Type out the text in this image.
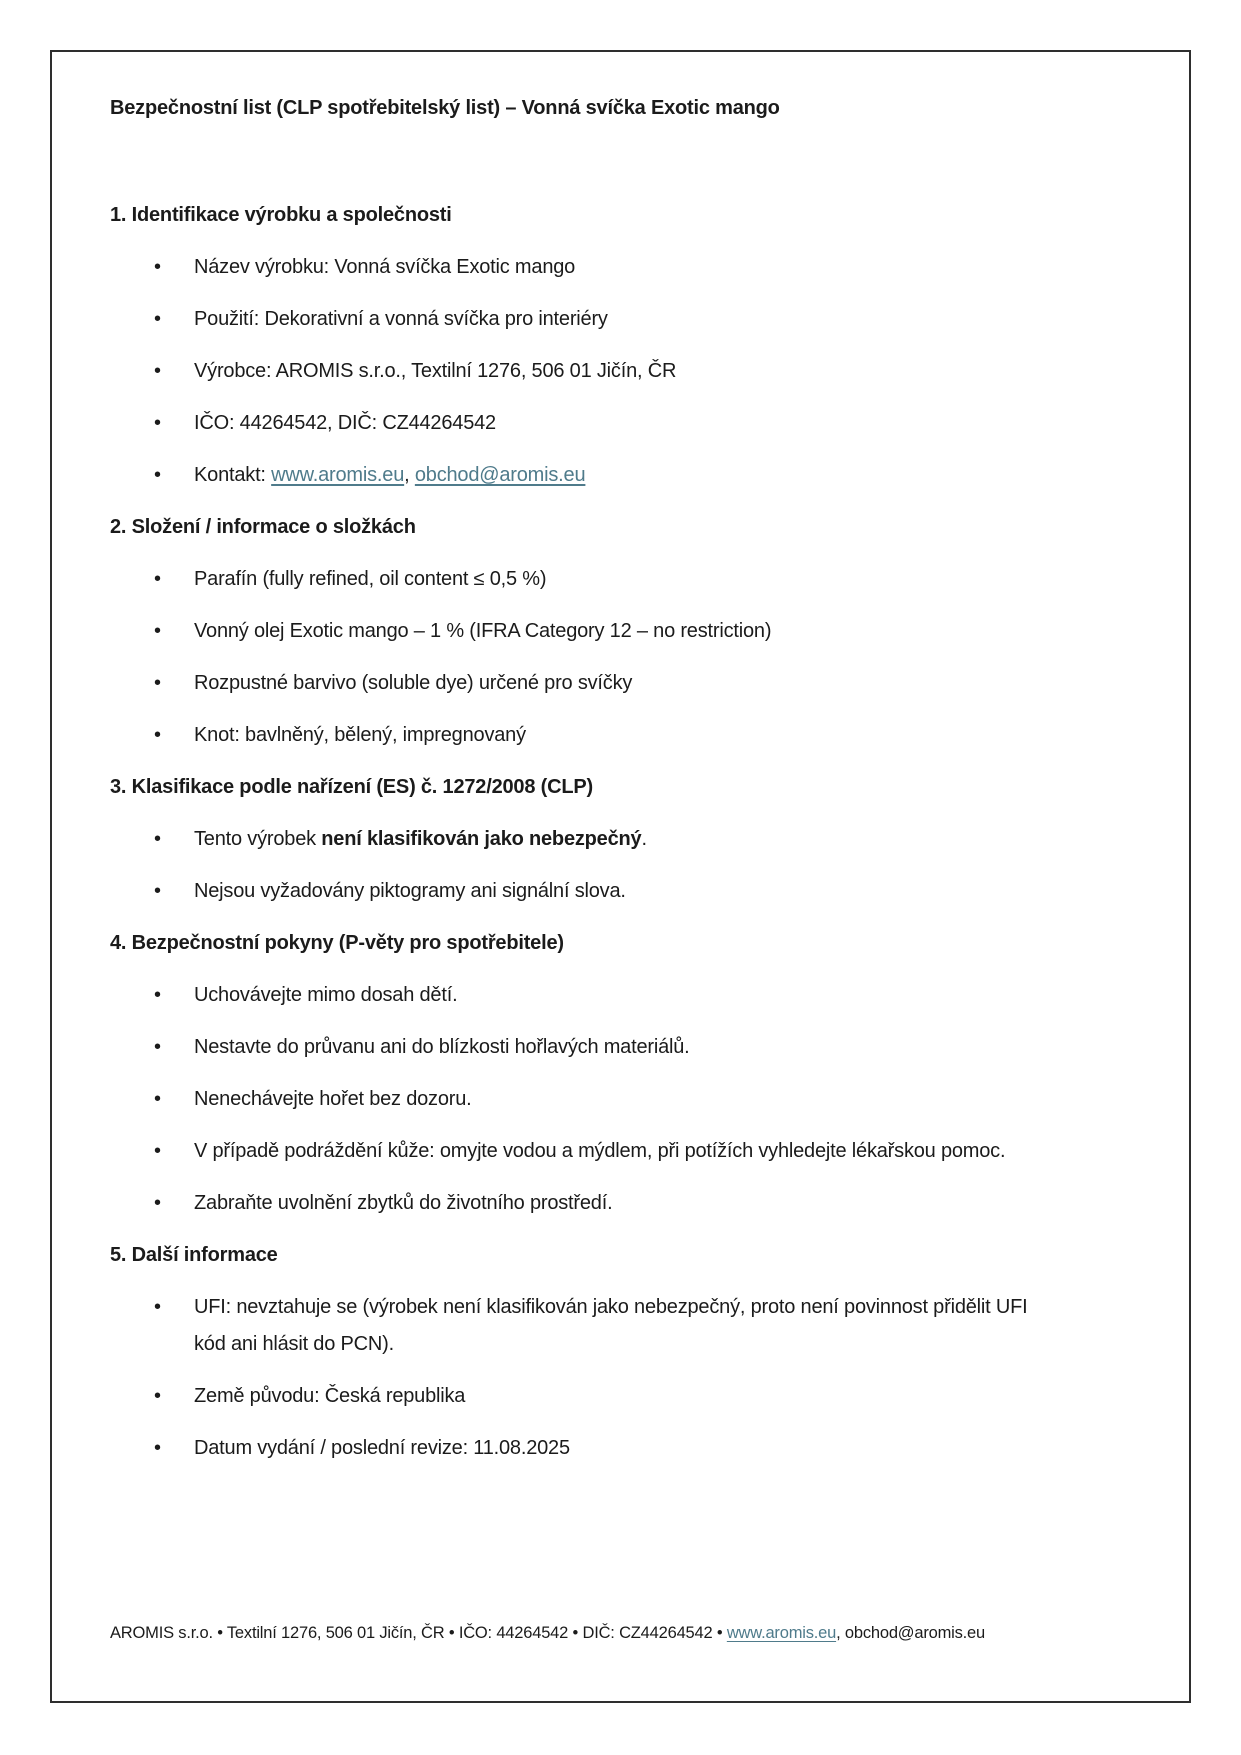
Bezpečnostní list (CLP spotřebitelský list) – Vonná svíčka Exotic mango
1. Identifikace výrobku a společnosti
• Název výrobku: Vonná svíčka Exotic mango
• Použití: Dekorativní a vonná svíčka pro interiéry
• Výrobce: AROMIS s.r.o., Textilní 1276, 506 01 Jičín, ČR
• IČO: 44264542, DIČ: CZ44264542
• Kontakt: www.aromis.eu, obchod@aromis.eu
2. Složení / informace o složkách
• Parafín (fully refined, oil content ≤ 0,5 %)
• Vonný olej Exotic mango – 1 % (IFRA Category 12 – no restriction)
• Rozpustné barvivo (soluble dye) určené pro svíčky
• Knot: bavlněný, bělený, impregnovaný
3. Klasifikace podle nařízení (ES) č. 1272/2008 (CLP)
• Tento výrobek není klasifikován jako nebezpečný.
• Nejsou vyžadovány piktogramy ani signální slova.
4. Bezpečnostní pokyny (P-věty pro spotřebitele)
• Uchovávejte mimo dosah dětí.
• Nestavte do průvanu ani do blízkosti hořlavých materiálů.
• Nenechávejte hořet bez dozoru.
• V případě podráždění kůže: omyjte vodou a mýdlem, při potížích vyhledejte lékařskou pomoc.
• Zabraňte uvolnění zbytků do životního prostředí.
5. Další informace
• UFI: nevztahuje se (výrobek není klasifikován jako nebezpečný, proto není povinnost přidělit UFI kód ani hlásit do PCN).
• Země původu: Česká republika
• Datum vydání / poslední revize: 11.08.2025
AROMIS s.r.o. • Textilní 1276, 506 01 Jičín, ČR • IČO: 44264542 • DIČ: CZ44264542 • www.aromis.eu, obchod@aromis.eu
